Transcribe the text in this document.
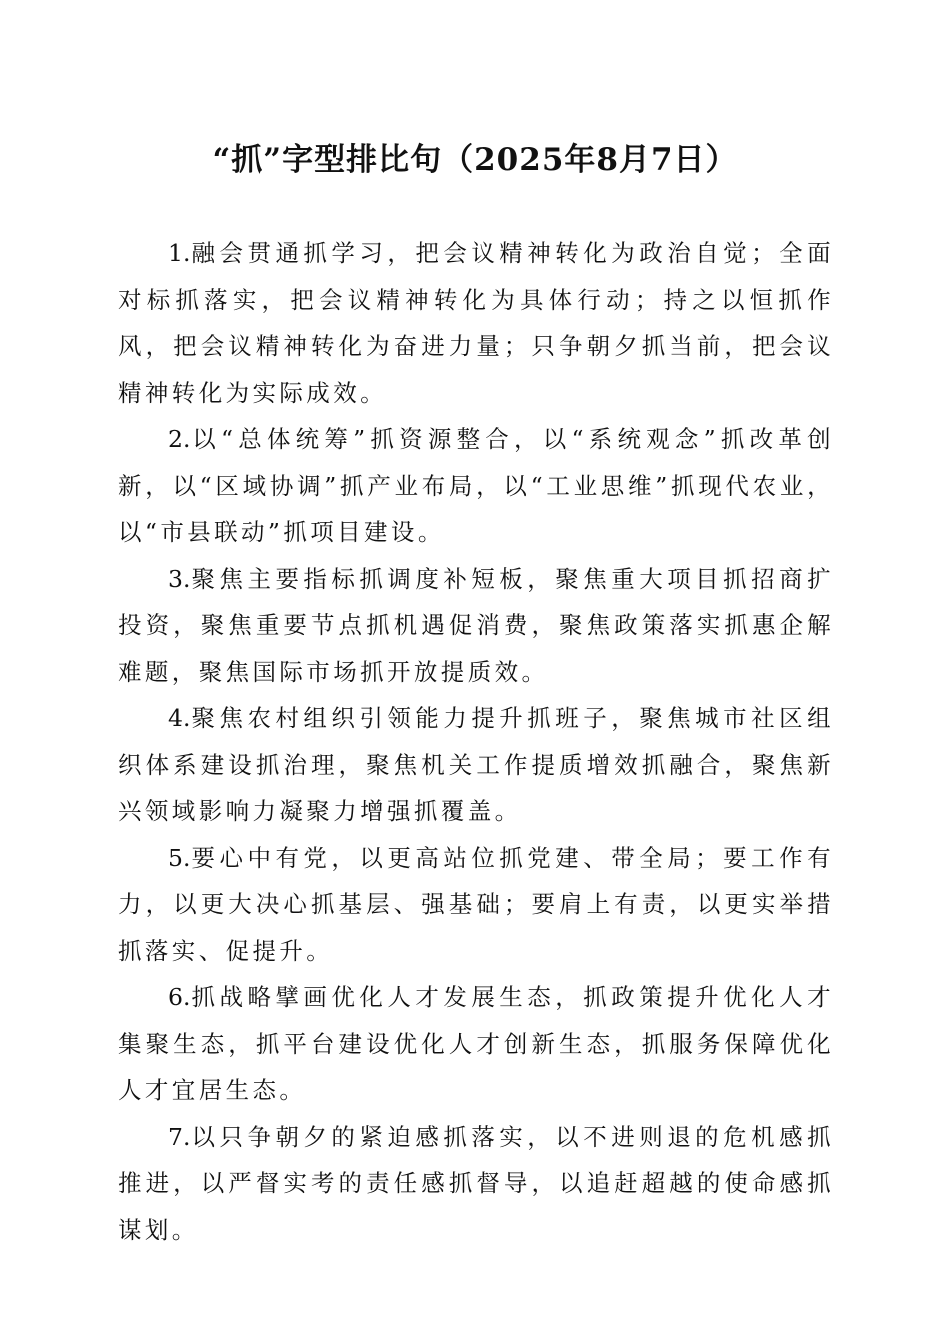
“抓”字型排比句（2025年8月7日）

1.融会贯通抓学习，把会议精神转化为政治自觉；全面对标抓落实，把会议精神转化为具体行动；持之以恒抓作风，把会议精神转化为奋进力量；只争朝夕抓当前，把会议精神转化为实际成效。

2.以“总体统筹”抓资源整合，以“系统观念”抓改革创新，以“区域协调”抓产业布局，以“工业思维”抓现代农业，以“市县联动”抓项目建设。

3.聚焦主要指标抓调度补短板，聚焦重大项目抓招商扩投资，聚焦重要节点抓机遇促消费，聚焦政策落实抓惠企解难题，聚焦国际市场抓开放提质效。

4.聚焦农村组织引领能力提升抓班子，聚焦城市社区组织体系建设抓治理，聚焦机关工作提质增效抓融合，聚焦新兴领域影响力凝聚力增强抓覆盖。

5.要心中有党，以更高站位抓党建、带全局；要工作有力，以更大决心抓基层、强基础；要肩上有责，以更实举措抓落实、促提升。

6.抓战略擘画优化人才发展生态，抓政策提升优化人才集聚生态，抓平台建设优化人才创新生态，抓服务保障优化人才宜居生态。

7.以只争朝夕的紧迫感抓落实，以不进则退的危机感抓推进，以严督实考的责任感抓督导，以追赶超越的使命感抓谋划。
